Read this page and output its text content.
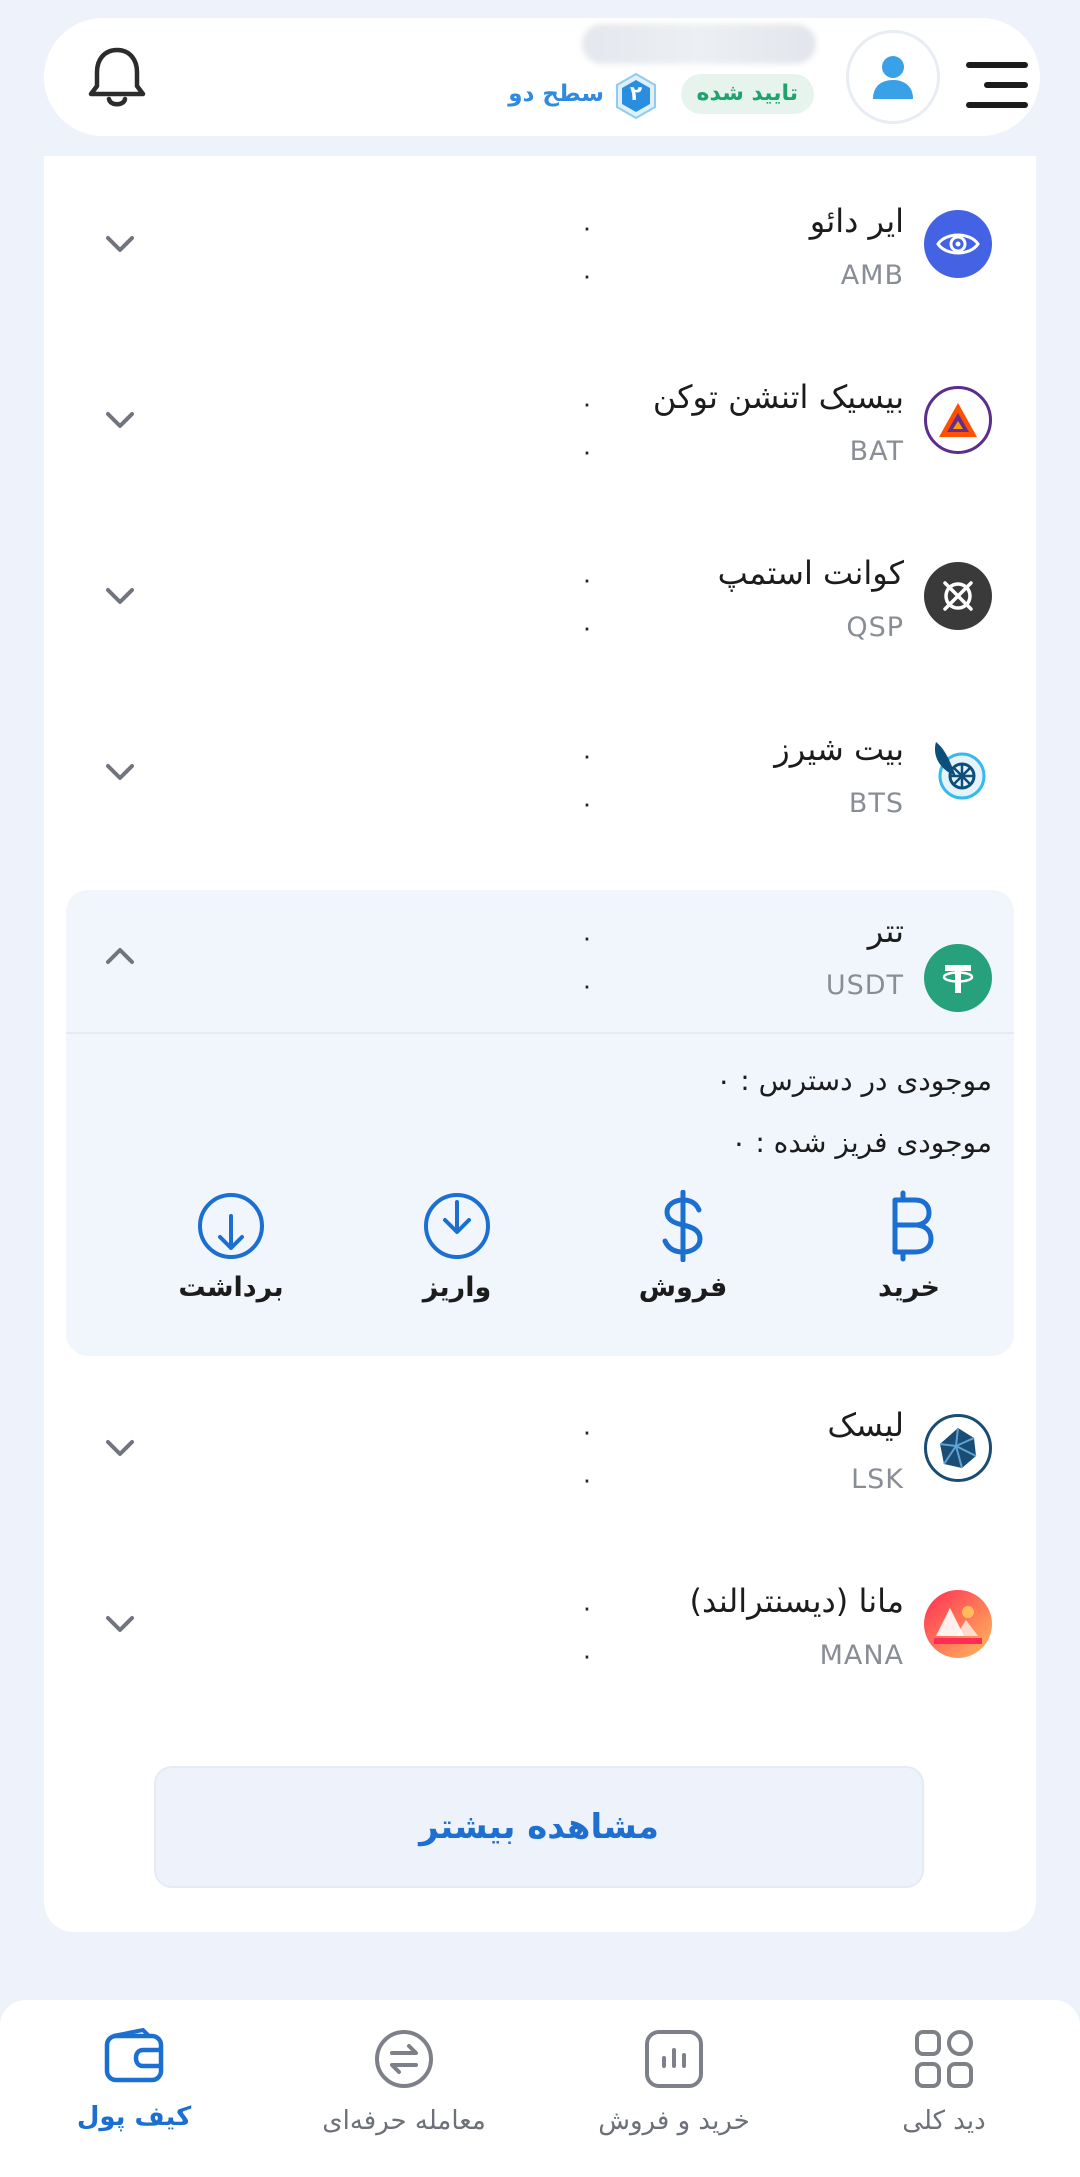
تایید شده
۲
سطح دو
ایر دائو
AMB
۰
۰
بیسیک اتنشن توکن
BAT
۰
۰
کوانت استمپ
QSP
۰
۰
بیت شیرز
BTS
۰
۰
تتر
USDT
۰
۰
موجودی در دسترس : ۰
موجودی فریز شده : ۰
خرید
فروش
واریز
برداشت
لیسک
LSK
۰
۰
مانا (دیسنترالند)
MANA
۰
۰
مشاهده بیشتر
کیف پول	معامله حرفه‌ای	خرید و فروش	دید کلی
